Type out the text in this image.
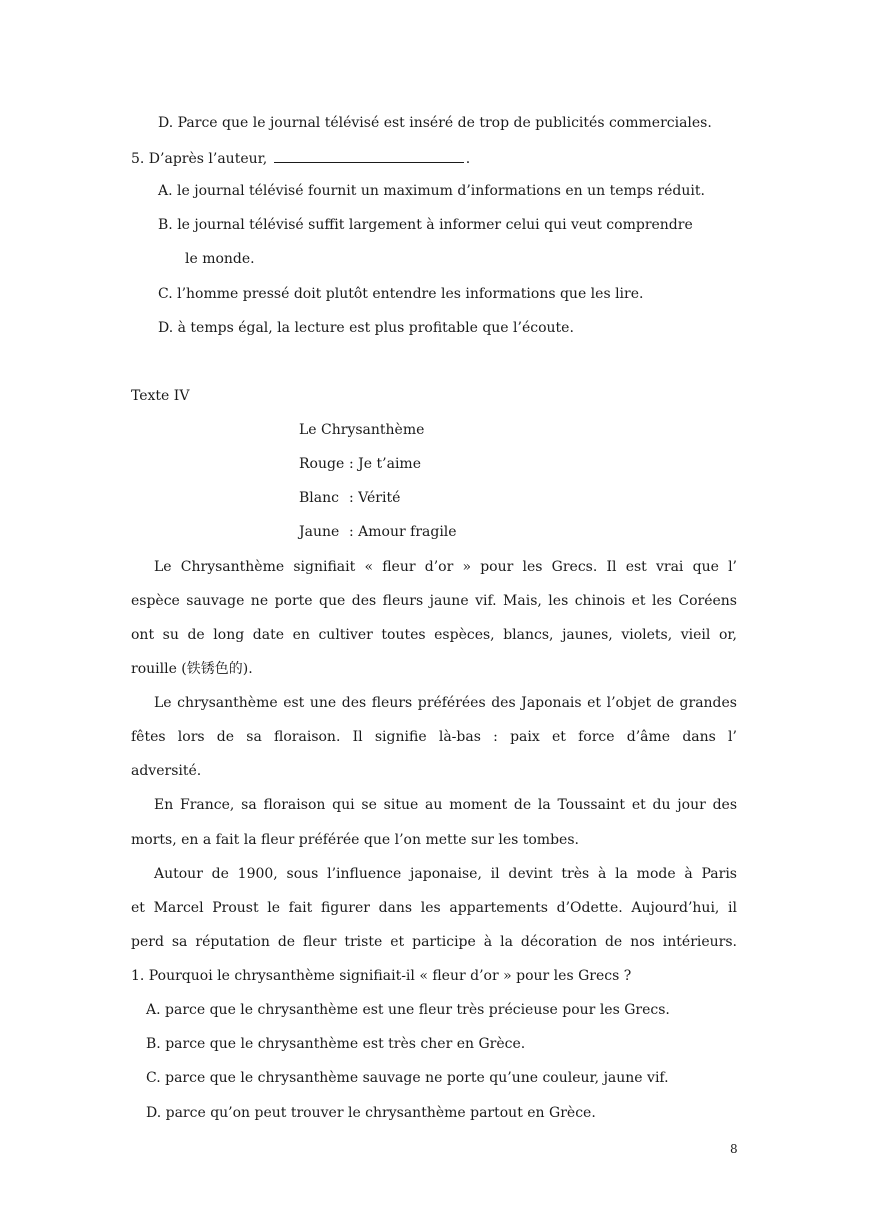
D. Parce que le journal télévisé est inséré de trop de publicités commerciales.
5. D’après l’auteur,	.
A. le journal télévisé fournit un maximum d’informations en un temps réduit.
B. le journal télévisé suffit largement à informer celui qui veut comprendre
le monde.
C. l’homme pressé doit plutôt entendre les informations que les lire.
D. à temps égal, la lecture est plus profitable que l’écoute.
Texte IV
Le Chrysanthème
Rouge : Je t’aime
Blanc : Vérité
Jaune : Amour fragile
Le Chrysanthème signifiait « fleur d’or » pour les Grecs. Il est vrai que l’
espèce sauvage ne porte que des fleurs jaune vif. Mais, les chinois et les Coréens
ont su de long date en cultiver toutes espèces, blancs, jaunes, violets, vieil or,
rouille (铁锈色的).
Le chrysanthème est une des fleurs préférées des Japonais et l’objet de grandes
fêtes lors de sa floraison. Il signifie là-bas : paix et force d’âme dans l’
adversité.
En France, sa floraison qui se situe au moment de la Toussaint et du jour des
morts, en a fait la fleur préférée que l’on mette sur les tombes.
Autour de 1900, sous l’influence japonaise, il devint très à la mode à Paris
et Marcel Proust le fait figurer dans les appartements d’Odette. Aujourd’hui, il
perd sa réputation de fleur triste et participe à la décoration de nos intérieurs.
1. Pourquoi le chrysanthème signifiait-il « fleur d’or » pour les Grecs ?
A. parce que le chrysanthème est une fleur très précieuse pour les Grecs.
B. parce que le chrysanthème est très cher en Grèce.
C. parce que le chrysanthème sauvage ne porte qu’une couleur, jaune vif.
D. parce qu’on peut trouver le chrysanthème partout en Grèce.
8
